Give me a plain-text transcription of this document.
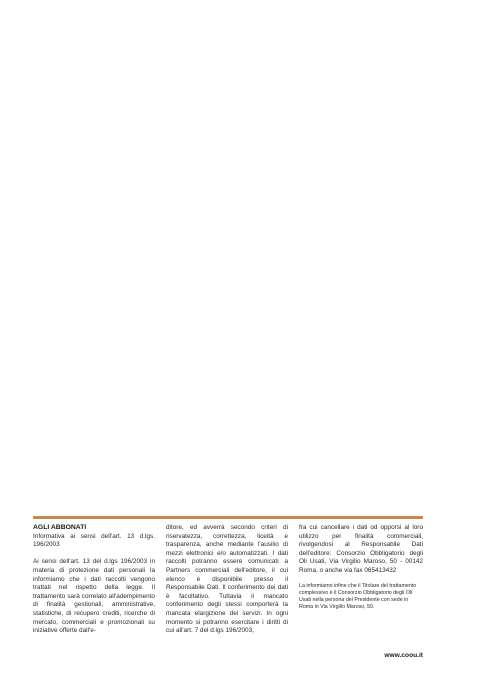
AGLI ABBONATI
Informativa ai sensi dell'art. 13 d.lgs. 196/2003
Ai sensi dell'art. 13 del d.lgs 196/2003 in materia di protezione dati personali la informiamo che i dati raccolti vengono trattati nel rispetto della legge. Il trattamento sarà correlato all'adempimento di finalità gestionali, amministrative, statistiche, di recupero crediti, ricerche di mercato, commerciali e promozionali su iniziative offerte dall'e-
ditore, ed avverrà secondo criteri di riservatezza, correttezza, liceità e trasparenza, anche mediante l'ausilio di mezzi elettronici e/o automatizzati. I dati raccolti potranno essere comunicati a Partners commerciali dell'editore, il cui elenco è disponibile presso il Responsabile Dati. Il conferimento dei dati è facoltativo. Tuttavia il mancato conferimento degli stessi comporterà la mancata elargizione dei servizi. In ogni momento si potranno esercitare i diritti di cui all'art. 7 del d.lgs 196/2003,
fra cui cancellare i dati od opporsi al loro utilizzo per finalità commerciali, rivolgendosi al Responsabile Dati dell'editore: Consorzio Obbligatorio degli Oli Usati, Via Virgilio Maroso, 50 - 00142 Roma, o anche via fax 065413432
La informiamo infine che il Titolare del trattamento complessivo è il Consorzio Obbligatorio degli Oli Usati nella persona del Presidente con sede in Roma in Via Virgilio Maroso, 50.
www.coou.it
